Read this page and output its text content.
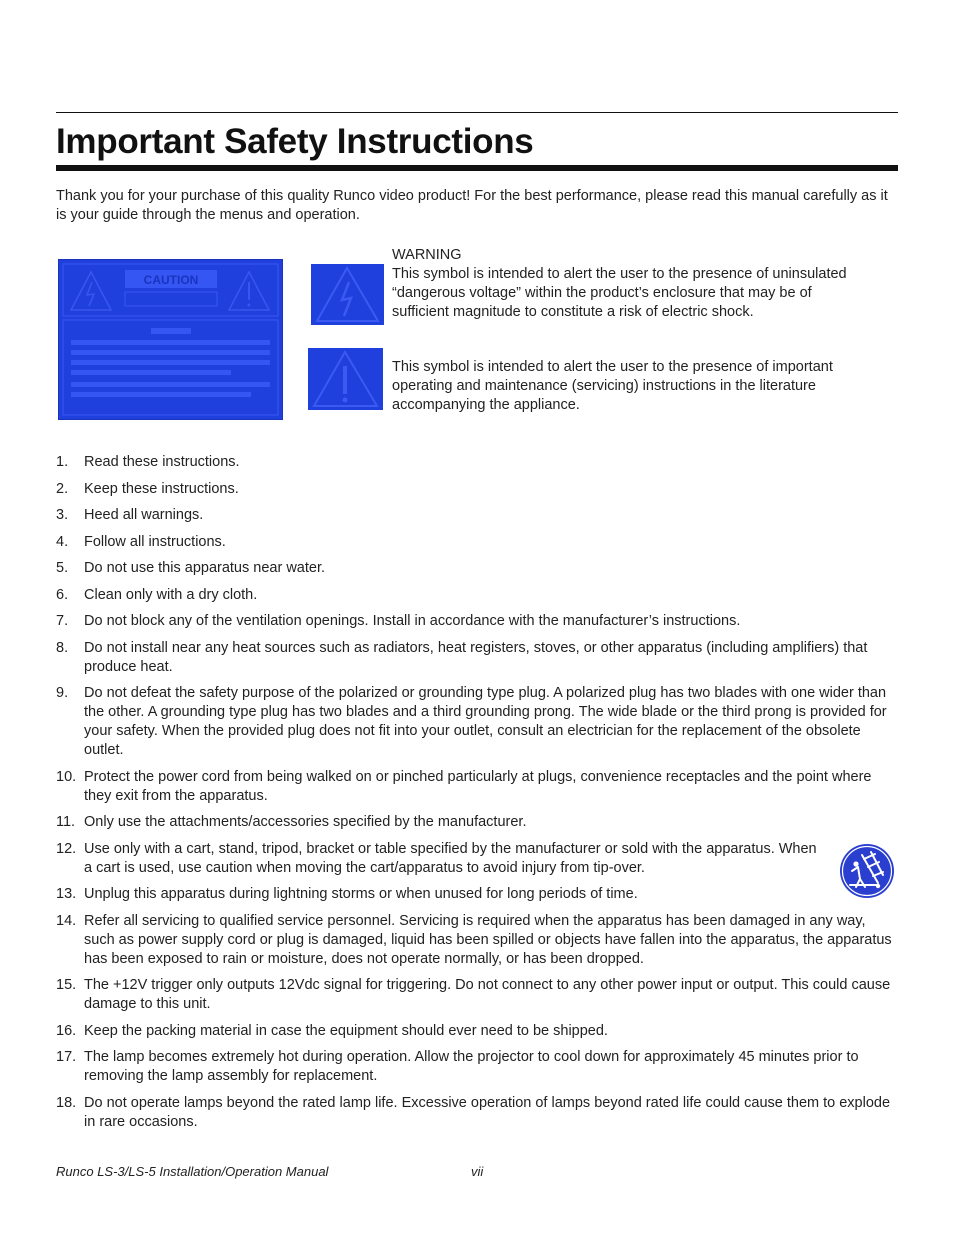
Important Safety Instructions

Thank you for your purchase of this quality Runco video product! For the best performance, please read this manual carefully as it is your guide through the menus and operation.

CAUTION

WARNING
This symbol is intended to alert the user to the presence of uninsulated “dangerous voltage” within the product’s enclosure that may be of sufficient magnitude to constitute a risk of electric shock.

This symbol is intended to alert the user to the presence of important operating and maintenance (servicing) instructions in the literature accompanying the appliance.

1. Read these instructions.
2. Keep these instructions.
3. Heed all warnings.
4. Follow all instructions.
5. Do not use this apparatus near water.
6. Clean only with a dry cloth.
7. Do not block any of the ventilation openings. Install in accordance with the manufacturer’s instructions.
8. Do not install near any heat sources such as radiators, heat registers, stoves, or other apparatus (including amplifiers) that produce heat.
9. Do not defeat the safety purpose of the polarized or grounding type plug. A polarized plug has two blades with one wider than the other. A grounding type plug has two blades and a third grounding prong. The wide blade or the third prong is provided for your safety. When the provided plug does not fit into your outlet, consult an electrician for the replacement of the obsolete outlet.
10. Protect the power cord from being walked on or pinched particularly at plugs, convenience receptacles and the point where they exit from the apparatus.
11. Only use the attachments/accessories specified by the manufacturer.
12. Use only with a cart, stand, tripod, bracket or table specified by the manufacturer or sold with the apparatus. When a cart is used, use caution when moving the cart/apparatus to avoid injury from tip-over.
13. Unplug this apparatus during lightning storms or when unused for long periods of time.
14. Refer all servicing to qualified service personnel. Servicing is required when the apparatus has been damaged in any way, such as power supply cord or plug is damaged, liquid has been spilled or objects have fallen into the apparatus, the apparatus has been exposed to rain or moisture, does not operate normally, or has been dropped.
15. The +12V trigger only outputs 12Vdc signal for triggering. Do not connect to any other power input or output. This could cause damage to this unit.
16. Keep the packing material in case the equipment should ever need to be shipped.
17. The lamp becomes extremely hot during operation. Allow the projector to cool down for approximately 45 minutes prior to removing the lamp assembly for replacement.
18. Do not operate lamps beyond the rated lamp life. Excessive operation of lamps beyond rated life could cause them to explode in rare occasions.
Runco LS-3/LS-5 Installation/Operation Manual	vii
